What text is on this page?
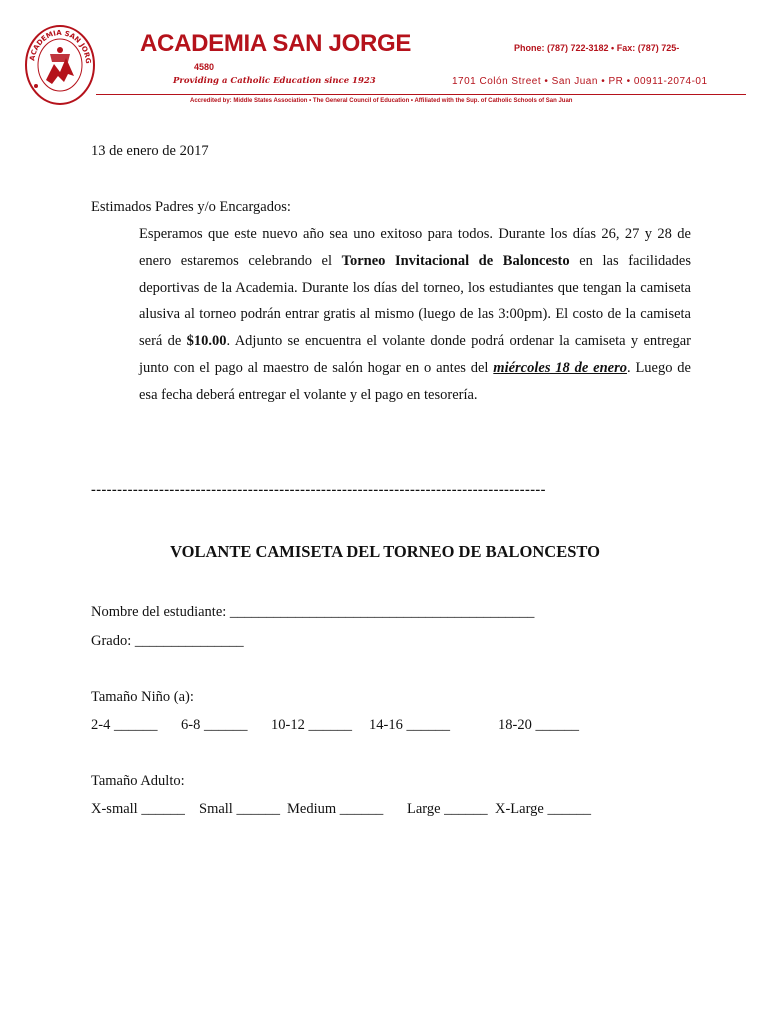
ACADEMIA SAN JORG
ACADEMIA SAN JORGE	Phone: (787) 722-3182 • Fax: (787) 725-
4580
Providing a Catholic Education since 1923	1701 Colón Street • San Juan • PR • 00911-2074-01
Accredited by: Middle States Association • The General Council of Education • Affiliated with the Sup. of Catholic Schools of San Juan
13 de enero de 2017
Estimados Padres y/o Encargados:

Esperamos que este nuevo año sea uno exitoso para todos. Durante los días 26, 27 y 28 de enero estaremos celebrando el Torneo Invitacional de Baloncesto en las facilidades deportivas de la Academia. Durante los días del torneo, los estudiantes que tengan la camiseta alusiva al torneo podrán entrar gratis al mismo (luego de las 3:00pm). El costo de la camiseta será de $10.00. Adjunto se encuentra el volante donde podrá ordenar la camiseta y entregar junto con el pago al maestro de salón hogar en o antes del miércoles 18 de enero. Luego de esa fecha deberá entregar el volante y el pago en tesorería.

---------------------------------------------------------------------------------------
VOLANTE CAMISETA DEL TORNEO DE BALONCESTO
Nombre del estudiante: __________________________________________
Grado: _______________
Tamaño Niño (a):
2-4 ______ 6-8 ______ 10-12 ______ 14-16 ______	18-20 ______
Tamaño Adulto:
X-small ______ Small ______ Medium ______ Large ______ X-Large ______
